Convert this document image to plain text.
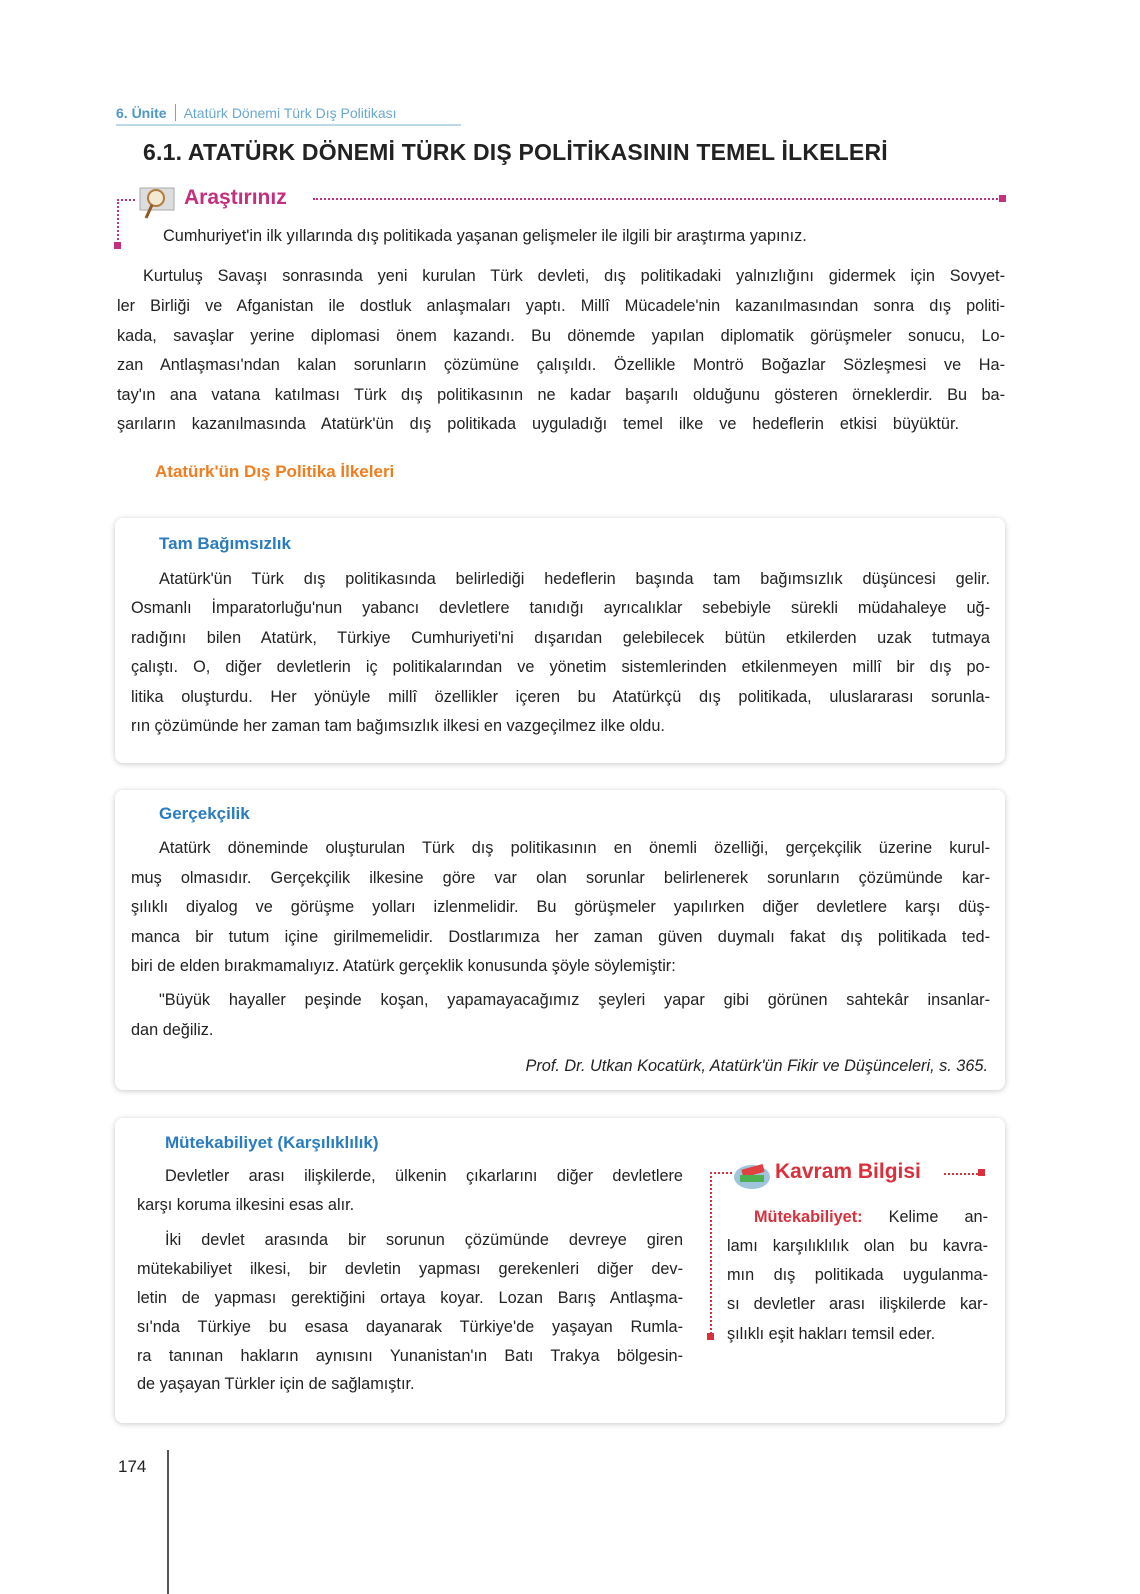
6. Ünite Atatürk Dönemi Türk Dış Politikası
6.1. ATATÜRK DÖNEMİ TÜRK DIŞ POLİTİKASININ TEMEL İLKELERİ
Araştırınız
Cumhuriyet'in ilk yıllarında dış politikada yaşanan gelişmeler ile ilgili bir araştırma yapınız.
Kurtuluş Savaşı sonrasında yeni kurulan Türk devleti, dış politikadaki yalnızlığını gidermek için Sovyet-
ler Birliği ve Afganistan ile dostluk anlaşmaları yaptı. Millî Mücadele'nin kazanılmasından sonra dış politi-
kada, savaşlar yerine diplomasi önem kazandı. Bu dönemde yapılan diplomatik görüşmeler sonucu, Lo-
zan Antlaşması'ndan kalan sorunların çözümüne çalışıldı. Özellikle Montrö Boğazlar Sözleşmesi ve Ha-
tay'ın ana vatana katılması Türk dış politikasının ne kadar başarılı olduğunu gösteren örneklerdir. Bu ba-
şarıların kazanılmasında Atatürk'ün dış politikada uyguladığı temel ilke ve hedeflerin etkisi büyüktür.
Atatürk'ün Dış Politika İlkeleri
Tam Bağımsızlık
Atatürk'ün Türk dış politikasında belirlediği hedeflerin başında tam bağımsızlık düşüncesi gelir.
Osmanlı İmparatorluğu'nun yabancı devletlere tanıdığı ayrıcalıklar sebebiyle sürekli müdahaleye uğ-
radığını bilen Atatürk, Türkiye Cumhuriyeti'ni dışarıdan gelebilecek bütün etkilerden uzak tutmaya
çalıştı. O, diğer devletlerin iç politikalarından ve yönetim sistemlerinden etkilenmeyen millî bir dış po-
litika oluşturdu. Her yönüyle millî özellikler içeren bu Atatürkçü dış politikada, uluslararası sorunla-
rın çözümünde her zaman tam bağımsızlık ilkesi en vazgeçilmez ilke oldu.
Gerçekçilik
Atatürk döneminde oluşturulan Türk dış politikasının en önemli özelliği, gerçekçilik üzerine kurul-
muş olmasıdır. Gerçekçilik ilkesine göre var olan sorunlar belirlenerek sorunların çözümünde kar-
şılıklı diyalog ve görüşme yolları izlenmelidir. Bu görüşmeler yapılırken diğer devletlere karşı düş-
manca bir tutum içine girilmemelidir. Dostlarımıza her zaman güven duymalı fakat dış politikada ted-
biri de elden bırakmamalıyız. Atatürk gerçeklik konusunda şöyle söylemiştir:
"Büyük hayaller peşinde koşan, yapamayacağımız şeyleri yapar gibi görünen sahtekâr insanlar-
dan değiliz.
Prof. Dr. Utkan Kocatürk, Atatürk'ün Fikir ve Düşünceleri, s. 365.
Mütekabiliyet (Karşılıklılık)
Devletler arası ilişkilerde, ülkenin çıkarlarını diğer devletlere
karşı koruma ilkesini esas alır.
İki devlet arasında bir sorunun çözümünde devreye giren
mütekabiliyet ilkesi, bir devletin yapması gerekenleri diğer dev-
letin de yapması gerektiğini ortaya koyar. Lozan Barış Antlaşma-
sı'nda Türkiye bu esasa dayanarak Türkiye'de yaşayan Rumla-
ra tanınan hakların aynısını Yunanistan'ın Batı Trakya bölgesin-
de yaşayan Türkler için de sağlamıştır.
Kavram Bilgisi
Mütekabiliyet: Kelime an-
lamı karşılıklılık olan bu kavra-
mın dış politikada uygulanma-
sı devletler arası ilişkilerde kar-
şılıklı eşit hakları temsil eder.
174
